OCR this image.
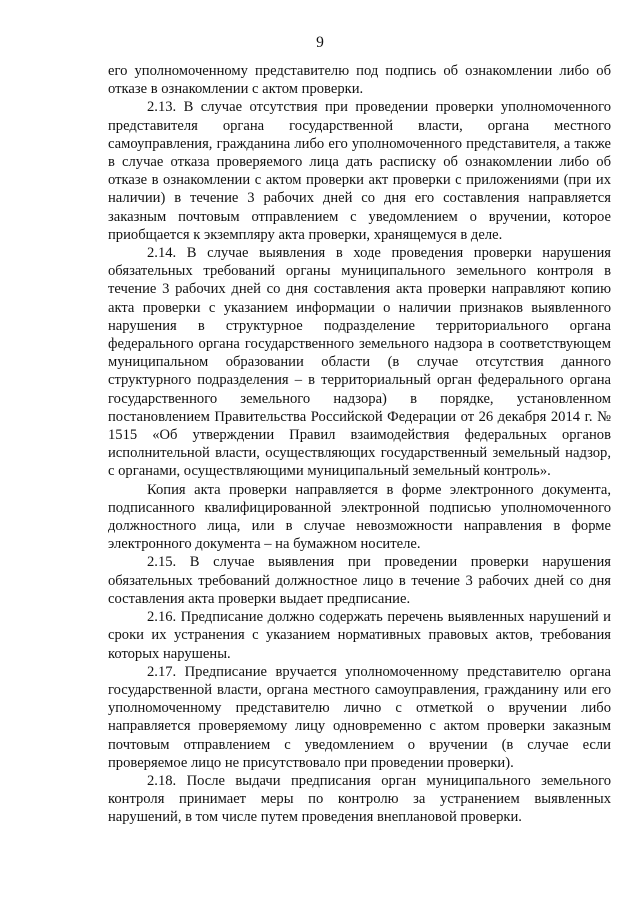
9

его уполномоченному представителю под подпись об ознакомлении либо об отказе в ознакомлении с актом проверки.

2.13. В случае отсутствия при проведении проверки уполномоченного представителя органа государственной власти, органа местного самоуправления, гражданина либо его уполномоченного представителя, а также в случае отказа проверяемого лица дать расписку об ознакомлении либо об отказе в ознакомлении с актом проверки акт проверки с приложениями (при их наличии) в течение 3 рабочих дней со дня его составления направляется заказным почтовым отправлением с уведомлением о вручении, которое приобщается к экземпляру акта проверки, хранящемуся в деле.

2.14. В случае выявления в ходе проведения проверки нарушения обязательных требований органы муниципального земельного контроля в течение 3 рабочих дней со дня составления акта проверки направляют копию акта проверки с указанием информации о наличии признаков выявленного нарушения в структурное подразделение территориального органа федерального органа государственного земельного надзора в соответствующем муниципальном образовании области (в случае отсутствия данного структурного подразделения – в территориальный орган федерального органа государственного земельного надзора) в порядке, установленном постановлением Правительства Российской Федерации от 26 декабря 2014 г. № 1515 «Об утверждении Правил взаимодействия федеральных органов исполнительной власти, осуществляющих государственный земельный надзор, с органами, осуществляющими муниципальный земельный контроль».

Копия акта проверки направляется в форме электронного документа, подписанного квалифицированной электронной подписью уполномоченного должностного лица, или в случае невозможности направления в форме электронного документа – на бумажном носителе.

2.15. В случае выявления при проведении проверки нарушения обязательных требований должностное лицо в течение 3 рабочих дней со дня составления акта проверки выдает предписание.

2.16. Предписание должно содержать перечень выявленных нарушений и сроки их устранения с указанием нормативных правовых актов, требования которых нарушены.

2.17. Предписание вручается уполномоченному представителю органа государственной власти, органа местного самоуправления, гражданину или его уполномоченному представителю лично с отметкой о вручении либо направляется проверяемому лицу одновременно с актом проверки заказным почтовым отправлением с уведомлением о вручении (в случае если проверяемое лицо не присутствовало при проведении проверки).

2.18. После выдачи предписания орган муниципального земельного контроля принимает меры по контролю за устранением выявленных нарушений, в том числе путем проведения внеплановой проверки.
